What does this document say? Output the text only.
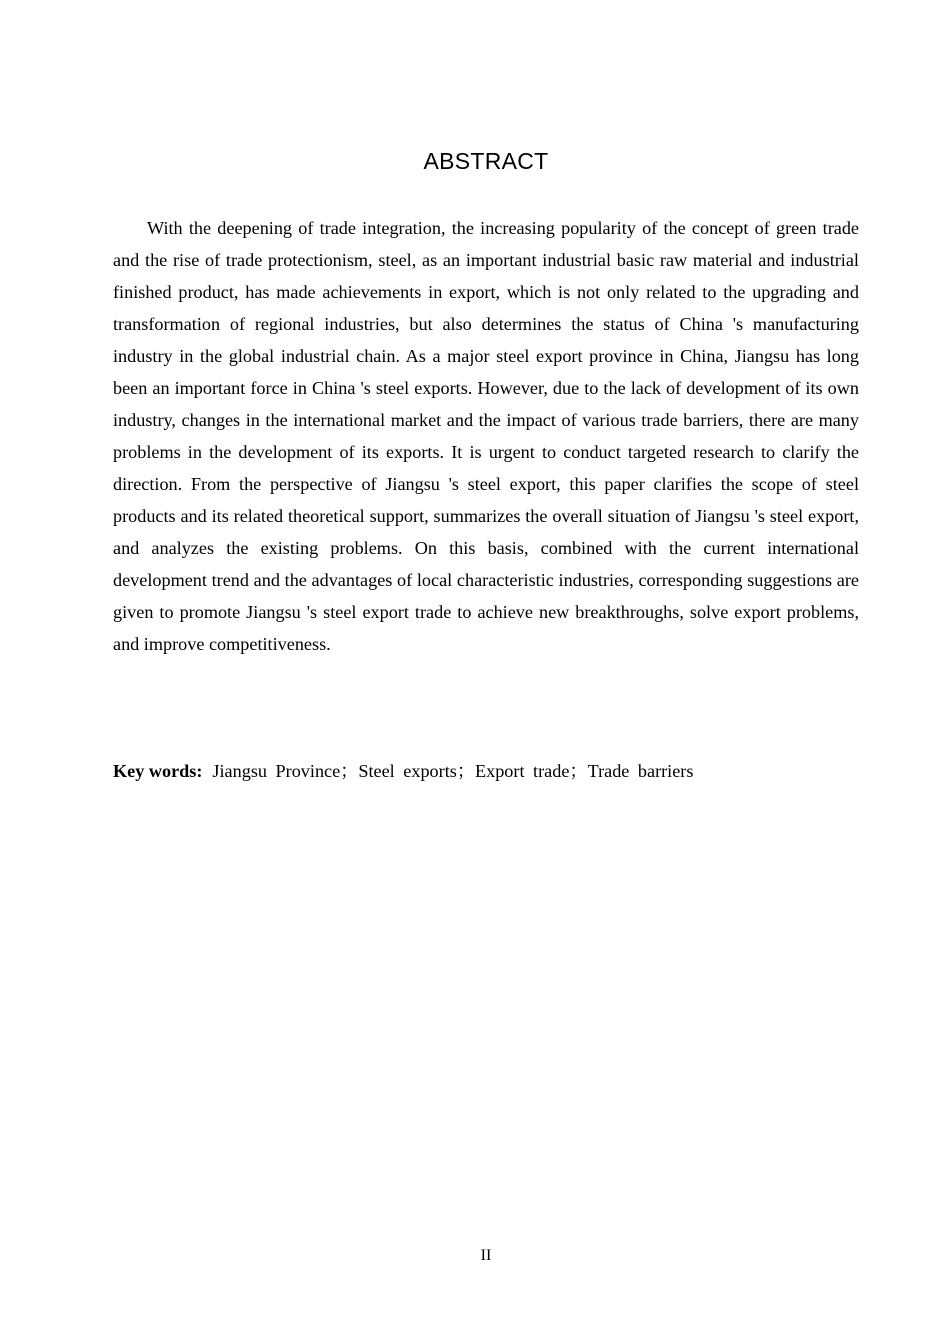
ABSTRACT

With the deepening of trade integration, the increasing popularity of the concept of green trade and the rise of trade protectionism, steel, as an important industrial basic raw material and industrial finished product, has made achievements in export, which is not only related to the upgrading and transformation of regional industries, but also determines the status of China 's manufacturing industry in the global industrial chain. As a major steel export province in China, Jiangsu has long been an important force in China 's steel exports. However, due to the lack of development of its own industry, changes in the international market and the impact of various trade barriers, there are many problems in the development of its exports. It is urgent to conduct targeted research to clarify the direction. From the perspective of Jiangsu 's steel export, this paper clarifies the scope of steel products and its related theoretical support, summarizes the overall situation of Jiangsu 's steel export, and analyzes the existing problems. On this basis, combined with the current international development trend and the advantages of local characteristic industries, corresponding suggestions are given to promote Jiangsu 's steel export trade to achieve new breakthroughs, solve export problems, and improve competitiveness.

Key words: Jiangsu Province；Steel exports；Export trade；Trade barriers

II
